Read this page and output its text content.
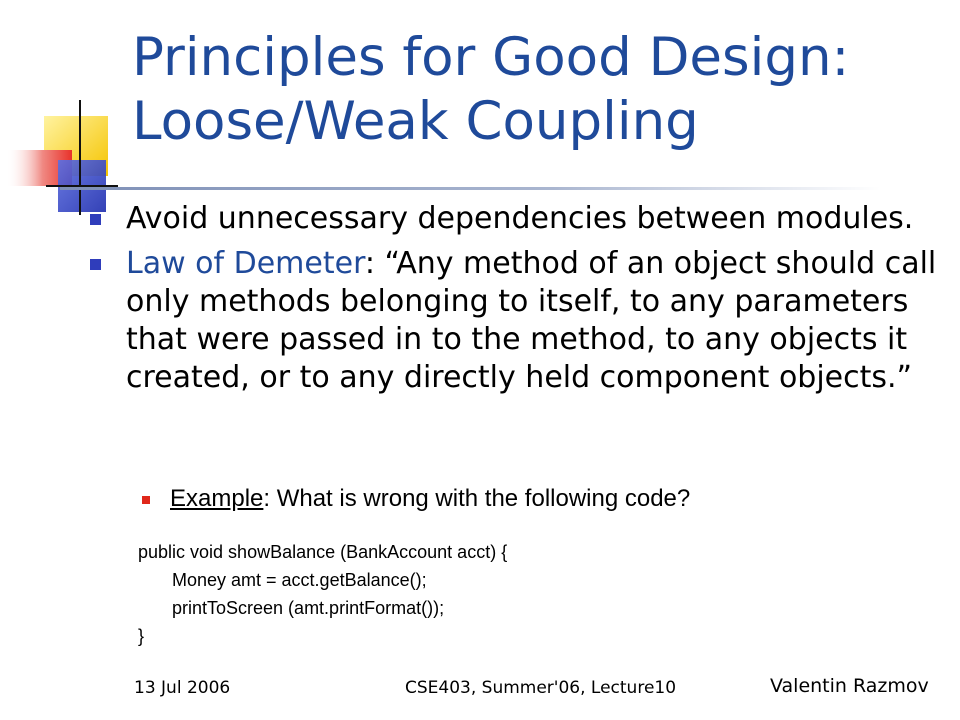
Principles for Good Design:
Loose/Weak Coupling
Avoid unnecessary dependencies between modules.
Law of Demeter: “Any method of an object should call only methods belonging to itself, to any parameters that were passed in to the method, to any objects it created, or to any directly held component objects.”
Example: What is wrong with the following code?
public void showBalance (BankAccount acct) {
Money amt = acct.getBalance();
printToScreen (amt.printFormat());
}
13 Jul 2006	CSE403, Summer'06, Lecture10	Valentin Razmov
